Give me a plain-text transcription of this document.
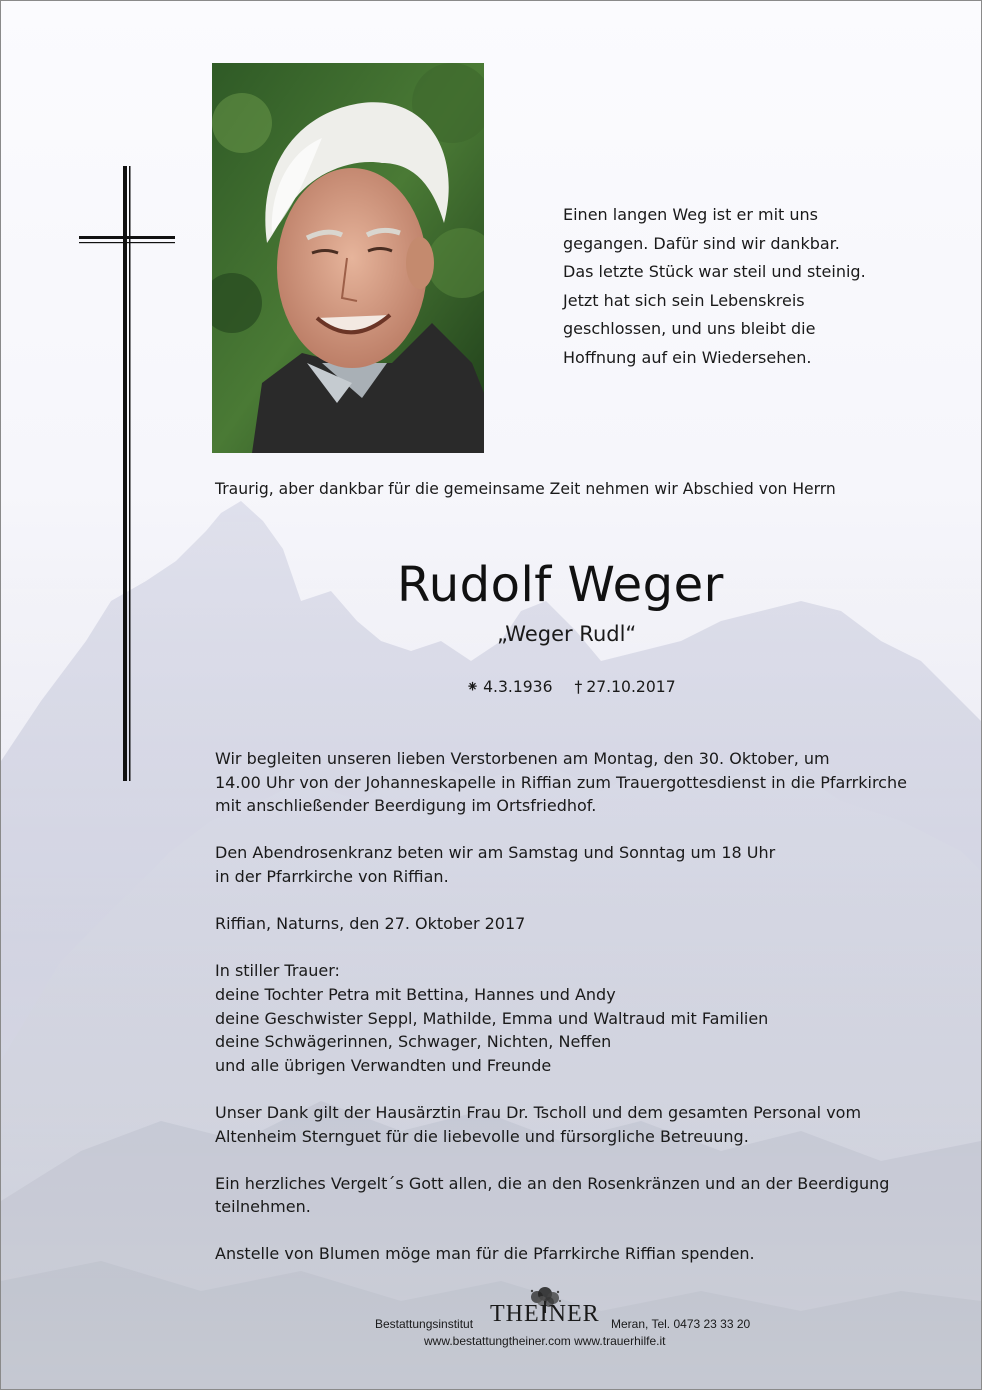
Einen langen Weg ist er mit uns
gegangen. Dafür sind wir dankbar.
Das letzte Stück war steil und steinig.
Jetzt hat sich sein Lebenskreis
geschlossen, und uns bleibt die
Hoffnung auf ein Wiedersehen.
Traurig, aber dankbar für die gemeinsame Zeit nehmen wir Abschied von Herrn
Rudolf Weger
„Weger Rudl“
⁕ 4.3.1936 † 27.10.2017
Wir begleiten unseren lieben Verstorbenen am Montag, den 30. Oktober, um
14.00 Uhr von der Johanneskapelle in Riffian zum Trauergottesdienst in die Pfarrkirche
mit anschließender Beerdigung im Ortsfriedhof.
Den Abendrosenkranz beten wir am Samstag und Sonntag um 18 Uhr
in der Pfarrkirche von Riffian.
Riffian, Naturns, den 27. Oktober 2017
In stiller Trauer:
deine Tochter Petra mit Bettina, Hannes und Andy
deine Geschwister Seppl, Mathilde, Emma und Waltraud mit Familien
deine Schwägerinnen, Schwager, Nichten, Neffen
und alle übrigen Verwandten und Freunde
Unser Dank gilt der Hausärztin Frau Dr. Tscholl und dem gesamten Personal vom
Altenheim Sternguet für die liebevolle und fürsorgliche Betreuung.
Ein herzliches Vergelt´s Gott allen, die an den Rosenkränzen und an der Beerdigung
teilnehmen.
Anstelle von Blumen möge man für die Pfarrkirche Riffian spenden.
Bestattungsinstitut THEINER Meran, Tel. 0473 23 33 20
www.bestattungtheiner.com www.trauerhilfe.it
